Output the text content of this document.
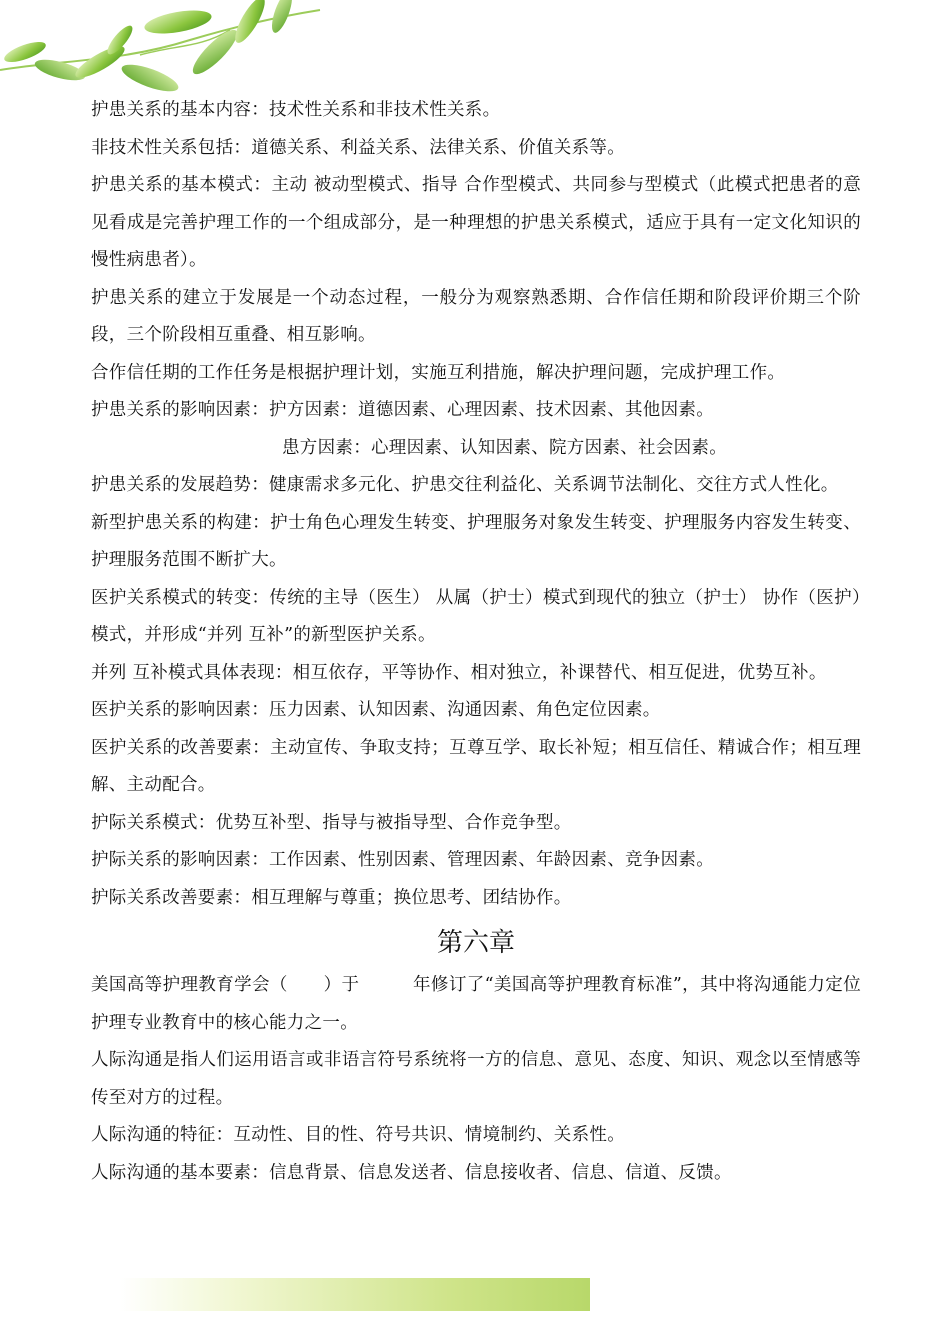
护患关系的基本内容：技术性关系和非技术性关系。

非技术性关系包括：道德关系、利益关系、法律关系、价值关系等。

护患关系的基本模式：主动 被动型模式、指导 合作型模式、共同参与型模式（此模式把患者的意见看成是完善护理工作的一个组成部分，是一种理想的护患关系模式，适应于具有一定文化知识的慢性病患者）。

护患关系的建立于发展是一个动态过程，一般分为观察熟悉期、合作信任期和阶段评价期三个阶段，三个阶段相互重叠、相互影响。

合作信任期的工作任务是根据护理计划，实施互利措施，解决护理问题，完成护理工作。

护患关系的影响因素：护方因素：道德因素、心理因素、技术因素、其他因素。

患方因素：心理因素、认知因素、院方因素、社会因素。

护患关系的发展趋势：健康需求多元化、护患交往利益化、关系调节法制化、交往方式人性化。

新型护患关系的构建：护士角色心理发生转变、护理服务对象发生转变、护理服务内容发生转变、护理服务范围不断扩大。

医护关系模式的转变：传统的主导（医生） 从属（护士）模式到现代的独立（护士） 协作（医护）模式，并形成“并列 互补”的新型医护关系。

并列 互补模式具体表现：相互依存，平等协作、相对独立，补课替代、相互促进，优势互补。

医护关系的影响因素：压力因素、认知因素、沟通因素、角色定位因素。

医护关系的改善要素：主动宣传、争取支持；互尊互学、取长补短；相互信任、精诚合作；相互理解、主动配合。

护际关系模式：优势互补型、指导与被指导型、合作竞争型。

护际关系的影响因素：工作因素、性别因素、管理因素、年龄因素、竞争因素。

护际关系改善要素：相互理解与尊重；换位思考、团结协作。

第六章

美国高等护理教育学会（　　）于　　　年修订了“美国高等护理教育标准”，其中将沟通能力定位护理专业教育中的核心能力之一。

人际沟通是指人们运用语言或非语言符号系统将一方的信息、意见、态度、知识、观念以至情感等传至对方的过程。

人际沟通的特征：互动性、目的性、符号共识、情境制约、关系性。

人际沟通的基本要素：信息背景、信息发送者、信息接收者、信息、信道、反馈。
